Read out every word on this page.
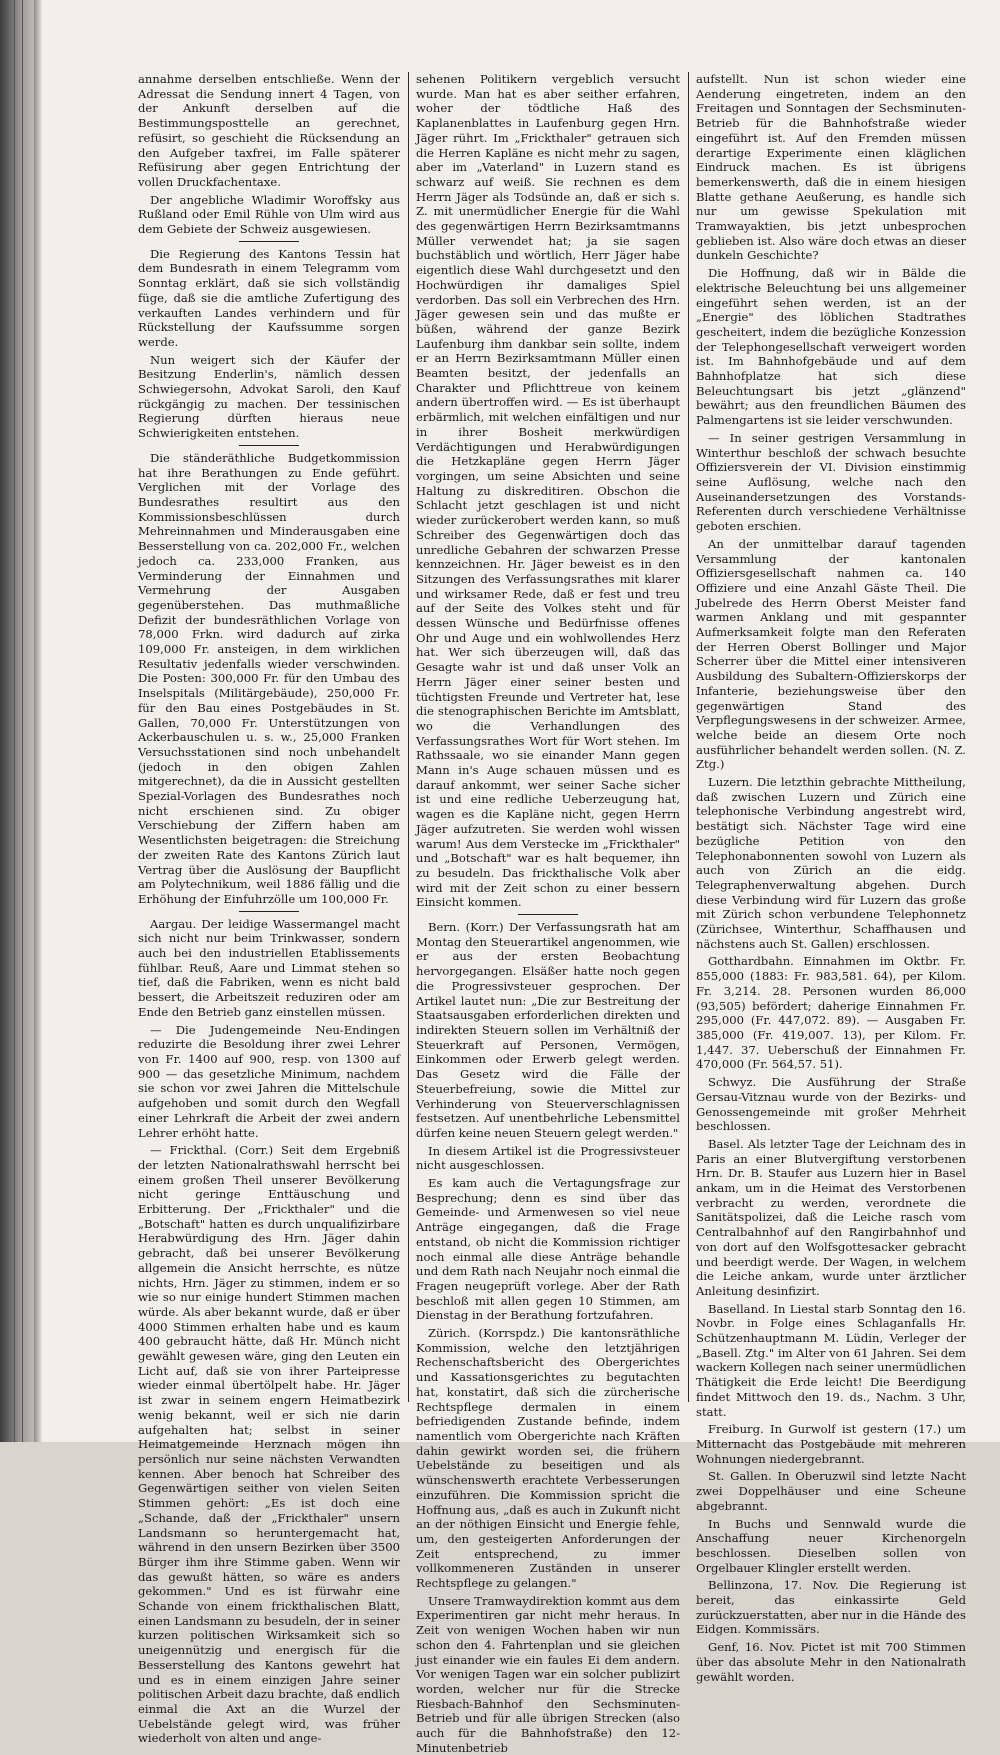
annahme derselben entschließe. Wenn der Adressat die Sendung innert 4 Tagen, von der Ankunft derselben auf die Bestimmungsposttelle an gerechnet, refüsirt, so geschieht die Rücksendung an den Aufgeber taxfrei, im Falle späterer Refüsirung aber gegen Entrichtung der vollen Druckfachentaxe.

Der angebliche Wladimir Woroffsky aus Rußland oder Emil Rühle von Ulm wird aus dem Gebiete der Schweiz ausgewiesen.

Die Regierung des Kantons Tessin hat dem Bundesrath in einem Telegramm vom Sonntag erklärt, daß sie sich vollständig füge, daß sie die amtliche Zufertigung des verkauften Landes verhindern und für Rückstellung der Kaufssumme sorgen werde.

Nun weigert sich der Käufer der Besitzung Enderlin's, nämlich dessen Schwiegersohn, Advokat Saroli, den Kauf rückgängig zu machen. Der tessinischen Regierung dürften hieraus neue Schwierigkeiten entstehen.

Die ständeräthliche Budgetkommission hat ihre Berathungen zu Ende geführt. Verglichen mit der Vorlage des Bundesrathes resultirt aus den Kommissionsbeschlüssen durch Mehreinnahmen und Minderausgaben eine Besserstellung von ca. 202,000 Fr., welchen jedoch ca. 233,000 Franken, aus Verminderung der Einnahmen und Vermehrung der Ausgaben gegenüberstehen. Das muthmaßliche Defizit der bundesräthlichen Vorlage von 78,000 Frkn. wird dadurch auf zirka 109,000 Fr. ansteigen, in dem wirklichen Resultativ jedenfalls wieder verschwinden. Die Posten: 300,000 Fr. für den Umbau des Inselspitals (Militärgebäude), 250,000 Fr. für den Bau eines Postgebäudes in St. Gallen, 70,000 Fr. Unterstützungen von Ackerbauschulen u. s. w., 25,000 Franken Versuchsstationen sind noch unbehandelt (jedoch in den obigen Zahlen mitgerechnet), da die in Aussicht gestellten Spezial-Vorlagen des Bundesrathes noch nicht erschienen sind. Zu obiger Verschiebung der Ziffern haben am Wesentlichsten beigetragen: die Streichung der zweiten Rate des Kantons Zürich laut Vertrag über die Auslösung der Baupflicht am Polytechnikum, weil 1886 fällig und die Erhöhung der Einfuhrzölle um 100,000 Fr.

Aargau. Der leidige Wassermangel macht sich nicht nur beim Trinkwasser, sondern auch bei den industriellen Etablissements fühlbar. Reuß, Aare und Limmat stehen so tief, daß die Fabriken, wenn es nicht bald bessert, die Arbeitszeit reduziren oder am Ende den Betrieb ganz einstellen müssen.

— Die Judengemeinde Neu-Endingen reduzirte die Besoldung ihrer zwei Lehrer von Fr. 1400 auf 900, resp. von 1300 auf 900 — das gesetzliche Minimum, nachdem sie schon vor zwei Jahren die Mittelschule aufgehoben und somit durch den Wegfall einer Lehrkraft die Arbeit der zwei andern Lehrer erhöht hatte.

— Frickthal. (Corr.) Seit dem Ergebniß der letzten Nationalrathswahl herrscht bei einem großen Theil unserer Bevölkerung nicht geringe Enttäuschung und Erbitterung. Der „Frickthaler" und die „Botschaft" hatten es durch unqualifizirbare Herabwürdigung des Hrn. Jäger dahin gebracht, daß bei unserer Bevölkerung allgemein die Ansicht herrschte, es nütze nichts, Hrn. Jäger zu stimmen, indem er so wie so nur einige hundert Stimmen machen würde. Als aber bekannt wurde, daß er über 4000 Stimmen erhalten habe und es kaum 400 gebraucht hätte, daß Hr. Münch nicht gewählt gewesen wäre, ging den Leuten ein Licht auf, daß sie von ihrer Parteipresse wieder einmal übertölpelt habe. Hr. Jäger ist zwar in seinem engern Heimatbezirk wenig bekannt, weil er sich nie darin aufgehalten hat; selbst in seiner Heimatgemeinde Herznach mögen ihn persönlich nur seine nächsten Verwandten kennen. Aber benoch hat Schreiber des Gegenwärtigen seither von vielen Seiten Stimmen gehört: „Es ist doch eine „Schande, daß der „Frickthaler" unsern Landsmann so heruntergemacht hat, während in den unsern Bezirken über 3500 Bürger ihm ihre Stimme gaben. Wenn wir das gewußt hätten, so wäre es anders gekommen." Und es ist fürwahr eine Schande von einem frickthalischen Blatt, einen Landsmann zu besudeln, der in seiner kurzen politischen Wirksamkeit sich so uneigennützig und energisch für die Besserstellung des Kantons gewehrt hat und es in einem einzigen Jahre seiner politischen Arbeit dazu brachte, daß endlich einmal die Axt an die Wurzel der Uebelstände gelegt wird, was früher wiederholt von alten und ange-

sehenen Politikern vergeblich versucht wurde. Man hat es aber seither erfahren, woher der tödtliche Haß des Kaplanenblattes in Laufenburg gegen Hrn. Jäger rührt. Im „Frickthaler" getrauen sich die Herren Kapläne es nicht mehr zu sagen, aber im „Vaterland" in Luzern stand es schwarz auf weiß. Sie rechnen es dem Herrn Jäger als Todsünde an, daß er sich s. Z. mit unermüdlicher Energie für die Wahl des gegenwärtigen Herrn Bezirksamtmanns Müller verwendet hat; ja sie sagen buchstäblich und wörtlich, Herr Jäger habe eigentlich diese Wahl durchgesetzt und den Hochwürdigen ihr damaliges Spiel verdorben. Das soll ein Verbrechen des Hrn. Jäger gewesen sein und das mußte er büßen, während der ganze Bezirk Laufenburg ihm dankbar sein sollte, indem er an Herrn Bezirksamtmann Müller einen Beamten besitzt, der jedenfalls an Charakter und Pflichttreue von keinem andern übertroffen wird. — Es ist überhaupt erbärmlich, mit welchen einfältigen und nur in ihrer Bosheit merkwürdigen Verdächtigungen und Herabwürdigungen die Hetzkapläne gegen Herrn Jäger vorgingen, um seine Absichten und seine Haltung zu diskreditiren. Obschon die Schlacht jetzt geschlagen ist und nicht wieder zurückerobert werden kann, so muß Schreiber des Gegenwärtigen doch das unredliche Gebahren der schwarzen Presse kennzeichnen. Hr. Jäger beweist es in den Sitzungen des Verfassungsrathes mit klarer und wirksamer Rede, daß er fest und treu auf der Seite des Volkes steht und für dessen Wünsche und Bedürfnisse offenes Ohr und Auge und ein wohlwollendes Herz hat. Wer sich überzeugen will, daß das Gesagte wahr ist und daß unser Volk an Herrn Jäger einer seiner besten und tüchtigsten Freunde und Vertreter hat, lese die stenographischen Berichte im Amtsblatt, wo die Verhandlungen des Verfassungsrathes Wort für Wort stehen. Im Rathssaale, wo sie einander Mann gegen Mann in's Auge schauen müssen und es darauf ankommt, wer seiner Sache sicher ist und eine redliche Ueberzeugung hat, wagen es die Kapläne nicht, gegen Herrn Jäger aufzutreten. Sie werden wohl wissen warum! Aus dem Verstecke im „Frickthaler" und „Botschaft" war es halt bequemer, ihn zu besudeln. Das frickthalische Volk aber wird mit der Zeit schon zu einer bessern Einsicht kommen.

Bern. (Korr.) Der Verfassungsrath hat am Montag den Steuerartikel angenommen, wie er aus der ersten Beobachtung hervorgegangen. Elsäßer hatte noch gegen die Progressivsteuer gesprochen. Der Artikel lautet nun: „Die zur Bestreitung der Staatsausgaben erforderlichen direkten und indirekten Steuern sollen im Verhältniß der Steuerkraft auf Personen, Vermögen, Einkommen oder Erwerb gelegt werden. Das Gesetz wird die Fälle der Steuerbefreiung, sowie die Mittel zur Verhinderung von Steuerverschlagnissen festsetzen. Auf unentbehrliche Lebensmittel dürfen keine neuen Steuern gelegt werden."

In diesem Artikel ist die Progressivsteuer nicht ausgeschlossen.

Es kam auch die Vertagungsfrage zur Besprechung; denn es sind über das Gemeinde- und Armenwesen so viel neue Anträge eingegangen, daß die Frage entstand, ob nicht die Kommission richtiger noch einmal alle diese Anträge behandle und dem Rath nach Neujahr noch einmal die Fragen neugeprüft vorlege. Aber der Rath beschloß mit allen gegen 10 Stimmen, am Dienstag in der Berathung fortzufahren.

Zürich. (Korrspdz.) Die kantonsräthliche Kommission, welche den letztjährigen Rechenschaftsbericht des Obergerichtes und Kassationsgerichtes zu begutachten hat, konstatirt, daß sich die zürcherische Rechtspflege dermalen in einem befriedigenden Zustande befinde, indem namentlich vom Obergerichte nach Kräften dahin gewirkt worden sei, die frühern Uebelstände zu beseitigen und als wünschenswerth erachtete Verbesserungen einzuführen. Die Kommission spricht die Hoffnung aus, „daß es auch in Zukunft nicht an der nöthigen Einsicht und Energie fehle, um, den gesteigerten Anforderungen der Zeit entsprechend, zu immer vollkommeneren Zuständen in unserer Rechtspflege zu gelangen."

Unsere Tramwaydirektion kommt aus dem Experimentiren gar nicht mehr heraus. In Zeit von wenigen Wochen haben wir nun schon den 4. Fahrtenplan und sie gleichen just einander wie ein faules Ei dem andern. Vor wenigen Tagen war ein solcher publizirt worden, welcher nur für die Strecke Riesbach-Bahnhof den Sechsminuten-Betrieb und für alle übrigen Strecken (also auch für die Bahnhofstraße) den 12-Minutenbetrieb

aufstellt. Nun ist schon wieder eine Aenderung eingetreten, indem an den Freitagen und Sonntagen der Sechsminuten-Betrieb für die Bahnhofstraße wieder eingeführt ist. Auf den Fremden müssen derartige Experimente einen kläglichen Eindruck machen. Es ist übrigens bemerkenswerth, daß die in einem hiesigen Blatte gethane Aeußerung, es handle sich nur um gewisse Spekulation mit Tramwayaktien, bis jetzt unbesprochen geblieben ist. Also wäre doch etwas an dieser dunkeln Geschichte?

Die Hoffnung, daß wir in Bälde die elektrische Beleuchtung bei uns allgemeiner eingeführt sehen werden, ist an der „Energie" des löblichen Stadtrathes gescheitert, indem die bezügliche Konzession der Telephongesellschaft verweigert worden ist. Im Bahnhofgebäude und auf dem Bahnhofplatze hat sich diese Beleuchtungsart bis jetzt „glänzend" bewährt; aus den freundlichen Bäumen des Palmengartens ist sie leider verschwunden.

— In seiner gestrigen Versammlung in Winterthur beschloß der schwach besuchte Offiziersverein der VI. Division einstimmig seine Auflösung, welche nach den Auseinandersetzungen des Vorstands-Referenten durch verschiedene Verhältnisse geboten erschien.

An der unmittelbar darauf tagenden Versammlung der kantonalen Offiziersgesellschaft nahmen ca. 140 Offiziere und eine Anzahl Gäste Theil. Die Jubelrede des Herrn Oberst Meister fand warmen Anklang und mit gespannter Aufmerksamkeit folgte man den Referaten der Herren Oberst Bollinger und Major Scherrer über die Mittel einer intensiveren Ausbildung des Subaltern-Offizierskorps der Infanterie, beziehungsweise über den gegenwärtigen Stand des Verpflegungswesens in der schweizer. Armee, welche beide an diesem Orte noch ausführlicher behandelt werden sollen. (N. Z. Ztg.)

Luzern. Die letzthin gebrachte Mittheilung, daß zwischen Luzern und Zürich eine telephonische Verbindung angestrebt wird, bestätigt sich. Nächster Tage wird eine bezügliche Petition von den Telephonabonnenten sowohl von Luzern als auch von Zürich an die eidg. Telegraphenverwaltung abgehen. Durch diese Verbindung wird für Luzern das große mit Zürich schon verbundene Telephonnetz (Zürichsee, Winterthur, Schaffhausen und nächstens auch St. Gallen) erschlossen.

Gotthardbahn. Einnahmen im Oktbr. Fr. 855,000 (1883: Fr. 983,581. 64), per Kilom. Fr. 3,214. 28. Personen wurden 86,000 (93,505) befördert; daherige Einnahmen Fr. 295,000 (Fr. 447,072. 89). — Ausgaben Fr. 385,000 (Fr. 419,007. 13), per Kilom. Fr. 1,447. 37. Ueberschuß der Einnahmen Fr. 470,000 (Fr. 564,57. 51).

Schwyz. Die Ausführung der Straße Gersau-Vitznau wurde von der Bezirks- und Genossengemeinde mit großer Mehrheit beschlossen.

Basel. Als letzter Tage der Leichnam des in Paris an einer Blutvergiftung verstorbenen Hrn. Dr. B. Staufer aus Luzern hier in Basel ankam, um in die Heimat des Verstorbenen verbracht zu werden, verordnete die Sanitätspolizei, daß die Leiche rasch vom Centralbahnhof auf den Rangirbahnhof und von dort auf den Wolfsgottesacker gebracht und beerdigt werde. Der Wagen, in welchem die Leiche ankam, wurde unter ärztlicher Anleitung desinfizirt.

Baselland. In Liestal starb Sonntag den 16. Novbr. in Folge eines Schlaganfalls Hr. Schützenhauptmann M. Lüdin, Verleger der „Basell. Ztg." im Alter von 61 Jahren. Sei dem wackern Kollegen nach seiner unermüdlichen Thätigkeit die Erde leicht! Die Beerdigung findet Mittwoch den 19. ds., Nachm. 3 Uhr, statt.

Freiburg. In Gurwolf ist gestern (17.) um Mitternacht das Postgebäude mit mehreren Wohnungen niedergebrannt.

St. Gallen. In Oberuzwil sind letzte Nacht zwei Doppelhäuser und eine Scheune abgebrannt.

In Buchs und Sennwald wurde die Anschaffung neuer Kirchenorgeln beschlossen. Dieselben sollen von Orgelbauer Klingler erstellt werden.

Bellinzona, 17. Nov. Die Regierung ist bereit, das einkassirte Geld zurückzuerstatten, aber nur in die Hände des Eidgen. Kommissärs.

Genf, 16. Nov. Pictet ist mit 700 Stimmen über das absolute Mehr in den Nationalrath gewählt worden.
